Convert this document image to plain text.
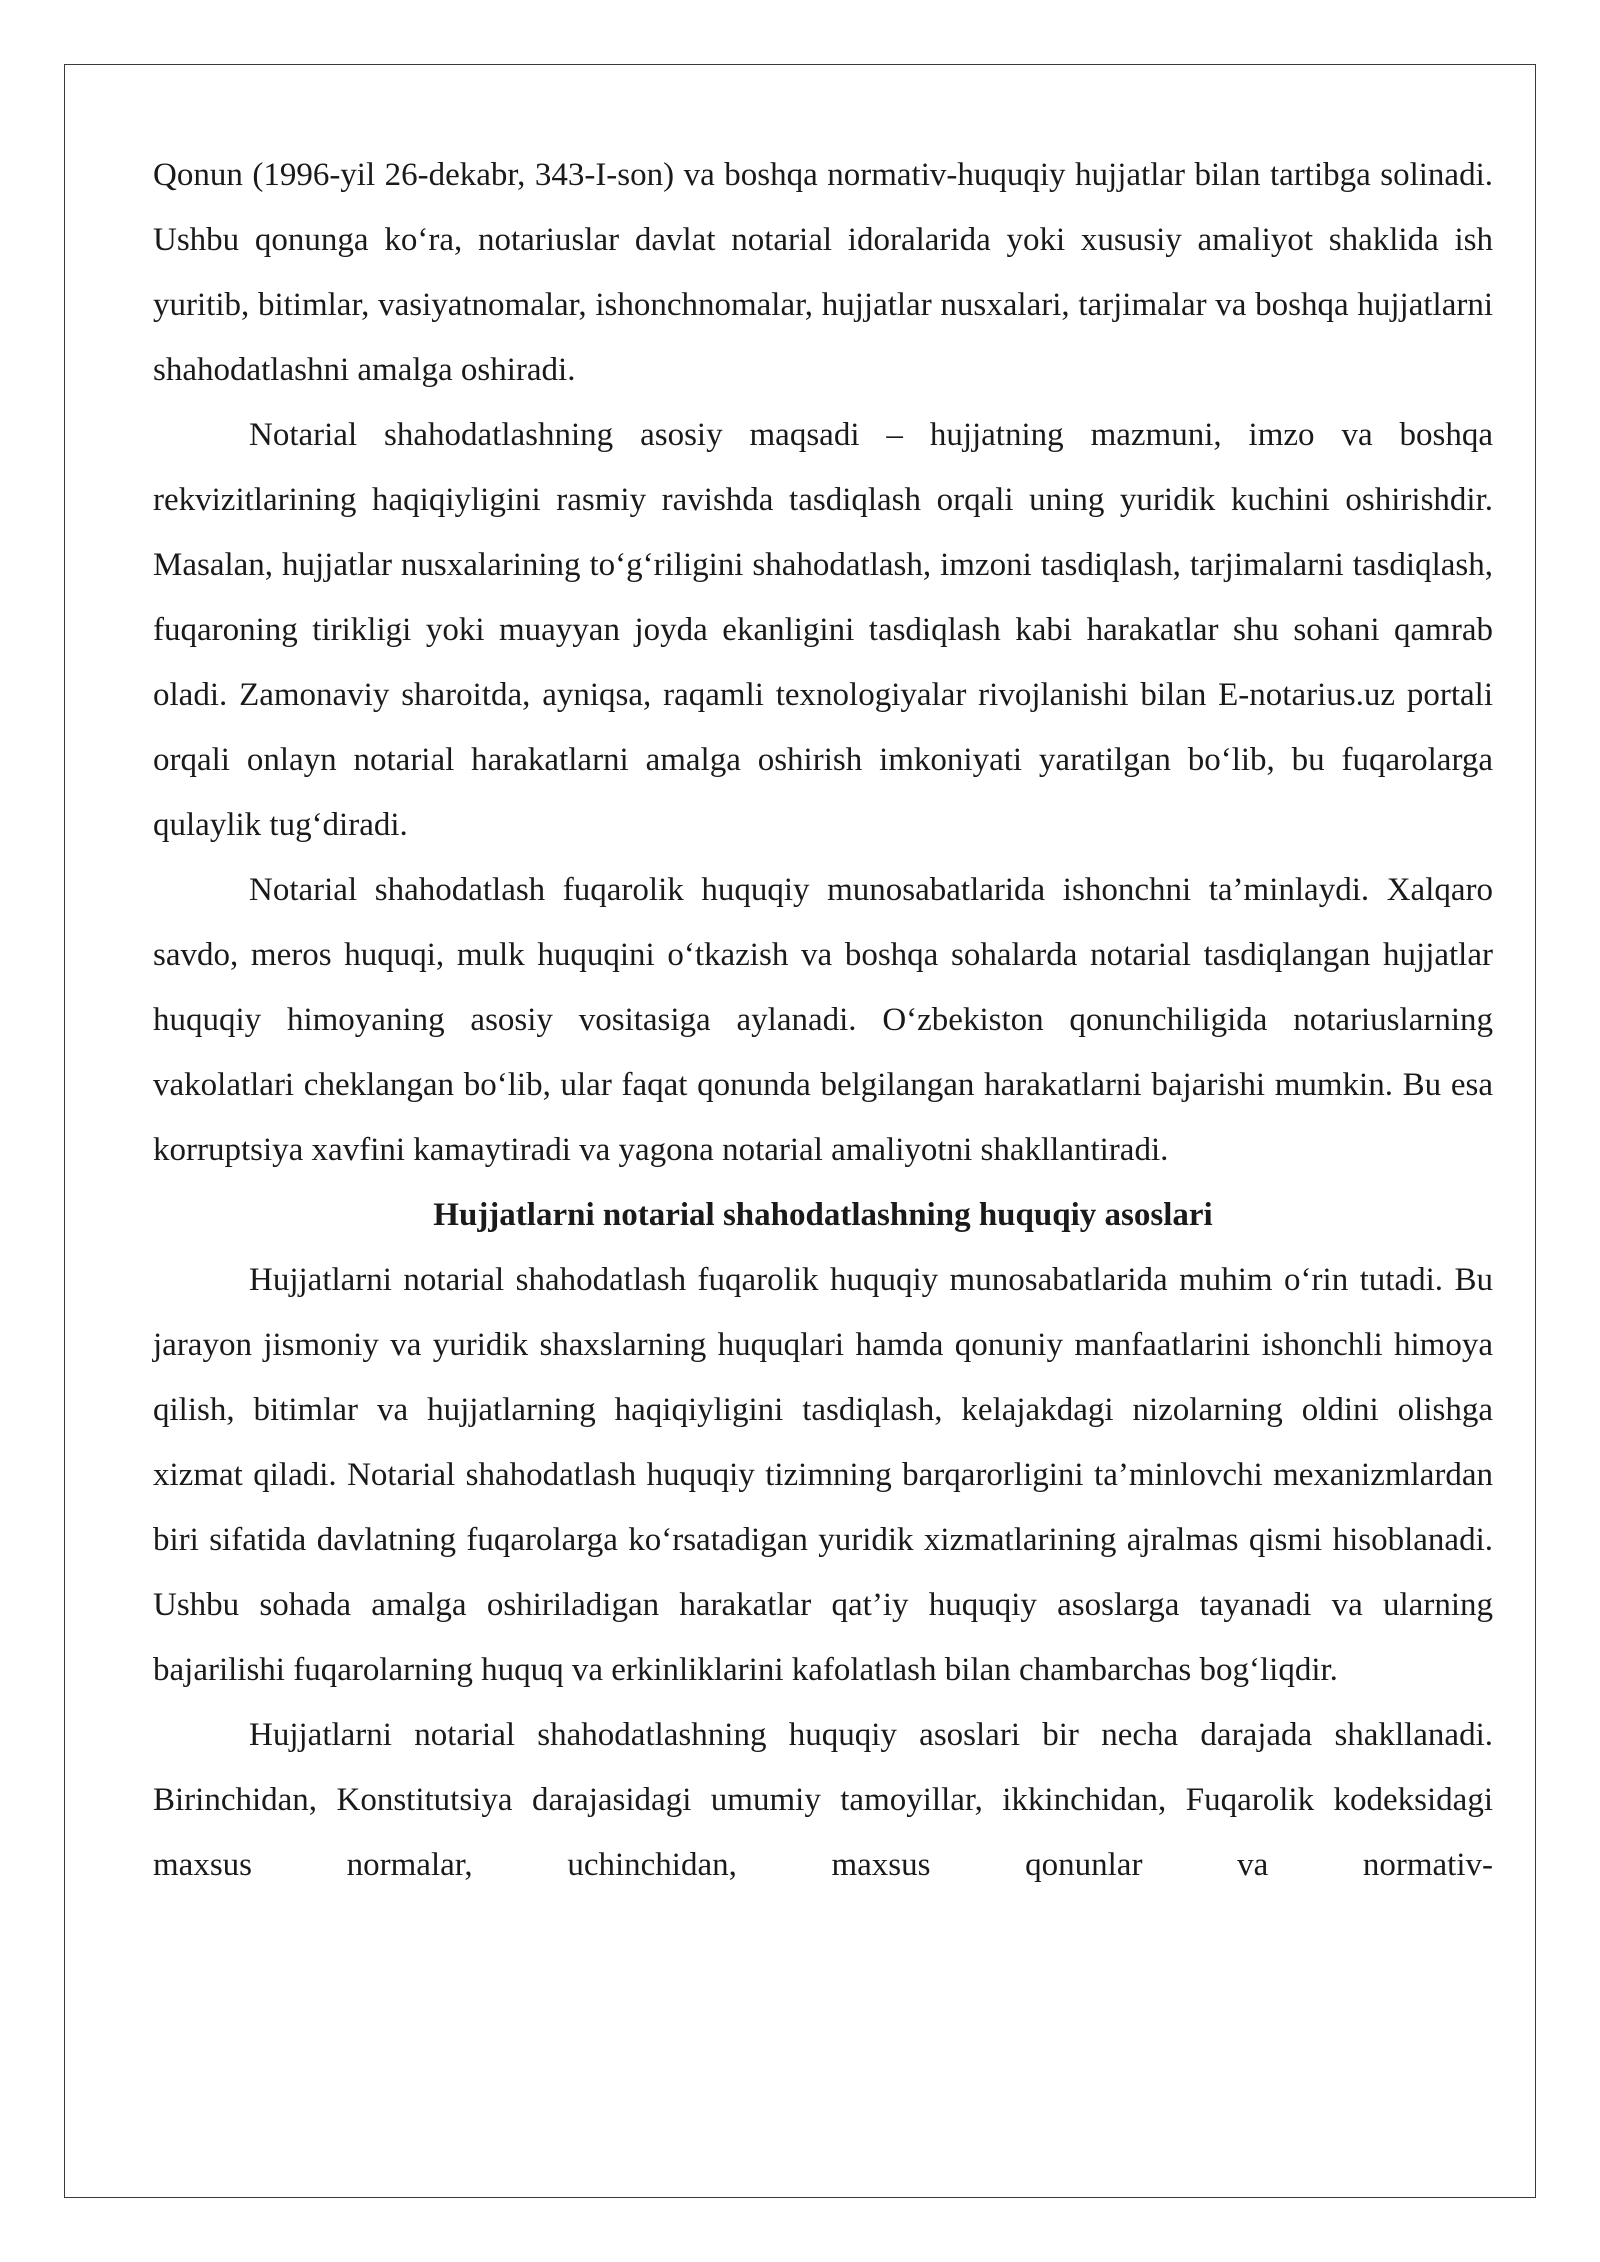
Qonun (1996-yil 26-dekabr, 343-I-son) va boshqa normativ-huquqiy hujjatlar bilan tartibga solinadi. Ushbu qonunga ko‘ra, notariuslar davlat notarial idoralarida yoki xususiy amaliyot shaklida ish yuritib, bitimlar, vasiyatnomalar, ishonchnomalar, hujjatlar nusxalari, tarjimalar va boshqa hujjatlarni shahodatlashni amalga oshiradi.

Notarial shahodatlashning asosiy maqsadi – hujjatning mazmuni, imzo va boshqa rekvizitlarining haqiqiyligini rasmiy ravishda tasdiqlash orqali uning yuridik kuchini oshirishdir. Masalan, hujjatlar nusxalarining to‘g‘riligini shahodatlash, imzoni tasdiqlash, tarjimalarni tasdiqlash, fuqaroning tirikligi yoki muayyan joyda ekanligini tasdiqlash kabi harakatlar shu sohani qamrab oladi. Zamonaviy sharoitda, ayniqsa, raqamli texnologiyalar rivojlanishi bilan E-notarius.uz portali orqali onlayn notarial harakatlarni amalga oshirish imkoniyati yaratilgan bo‘lib, bu fuqarolarga qulaylik tug‘diradi.

Notarial shahodatlash fuqarolik huquqiy munosabatlarida ishonchni ta’minlaydi. Xalqaro savdo, meros huquqi, mulk huquqini o‘tkazish va boshqa sohalarda notarial tasdiqlangan hujjatlar huquqiy himoyaning asosiy vositasiga aylanadi. O‘zbekiston qonunchiligida notariuslarning vakolatlari cheklangan bo‘lib, ular faqat qonunda belgilangan harakatlarni bajarishi mumkin. Bu esa korruptsiya xavfini kamaytiradi va yagona notarial amaliyotni shakllantiradi.

Hujjatlarni notarial shahodatlashning huquqiy asoslari

Hujjatlarni notarial shahodatlash fuqarolik huquqiy munosabatlarida muhim o‘rin tutadi. Bu jarayon jismoniy va yuridik shaxslarning huquqlari hamda qonuniy manfaatlarini ishonchli himoya qilish, bitimlar va hujjatlarning haqiqiyligini tasdiqlash, kelajakdagi nizolarning oldini olishga xizmat qiladi. Notarial shahodatlash huquqiy tizimning barqarorligini ta’minlovchi mexanizmlardan biri sifatida davlatning fuqarolarga ko‘rsatadigan yuridik xizmatlarining ajralmas qismi hisoblanadi. Ushbu sohada amalga oshiriladigan harakatlar qat’iy huquqiy asoslarga tayanadi va ularning bajarilishi fuqarolarning huquq va erkinliklarini kafolatlash bilan chambarchas bog‘liqdir.

Hujjatlarni notarial shahodatlashning huquqiy asoslari bir necha darajada shakllanadi. Birinchidan, Konstitutsiya darajasidagi umumiy tamoyillar, ikkinchidan, Fuqarolik kodeksidagi maxsus normalar, uchinchidan, maxsus qonunlar va normativ-
